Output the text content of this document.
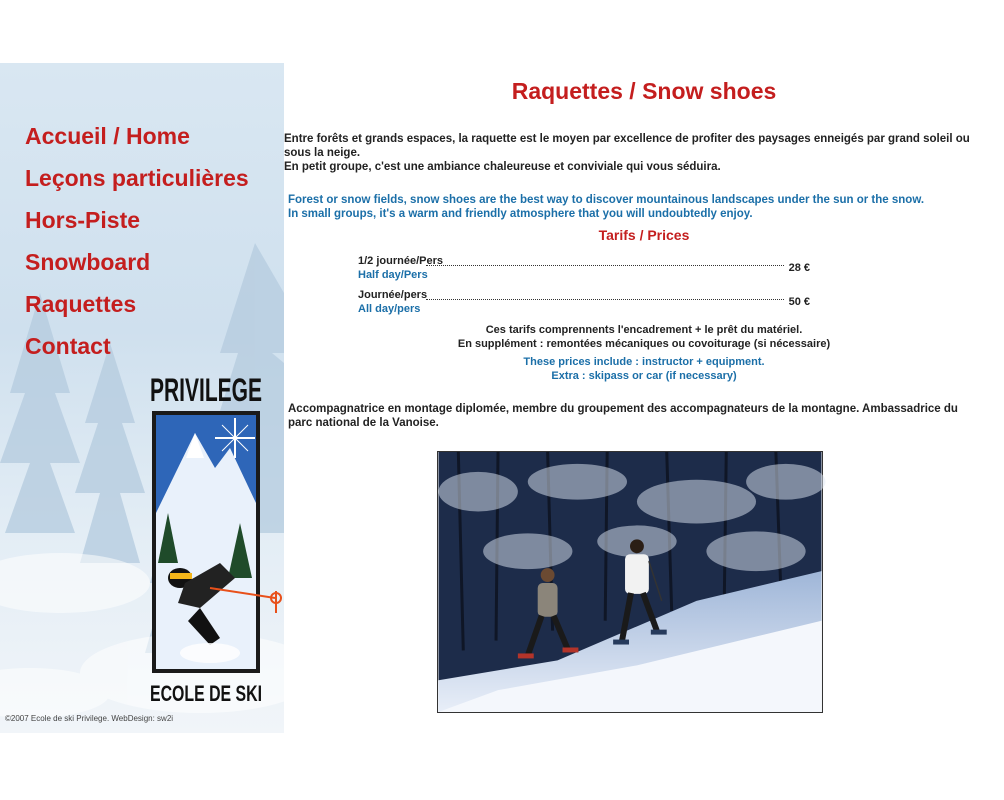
Accueil / Home
Leçons particulières
Hors-Piste
Snowboard
Raquettes
Contact
PRIVILEGE
ECOLE DE SKI
©2007 Ecole de ski Privilege. WebDesign: sw2i
Raquettes / Snow shoes
Entre forêts et grands espaces, la raquette est le moyen par excellence de profiter des paysages enneigés par grand soleil ou sous la neige.
En petit groupe, c'est une ambiance chaleureuse et conviviale qui vous séduira.
Forest or snow fields, snow shoes are the best way to discover mountainous landscapes under the sun or the snow.
In small groups, it's a warm and friendly atmosphere that you will undoubtedly enjoy.
Tarifs / Prices
1/2 journée/Pers
Half day/Pers
28 €
Journée/pers
All day/pers
50 €
Ces tarifs comprennents l'encadrement + le prêt du matériel.
En supplément : remontées mécaniques ou covoiturage (si nécessaire)
These prices include : instructor + equipment.
Extra : skipass or car (if necessary)
Accompagnatrice en montage diplomée, membre du groupement des accompagnateurs de la montagne. Ambassadrice du parc national de la Vanoise.
